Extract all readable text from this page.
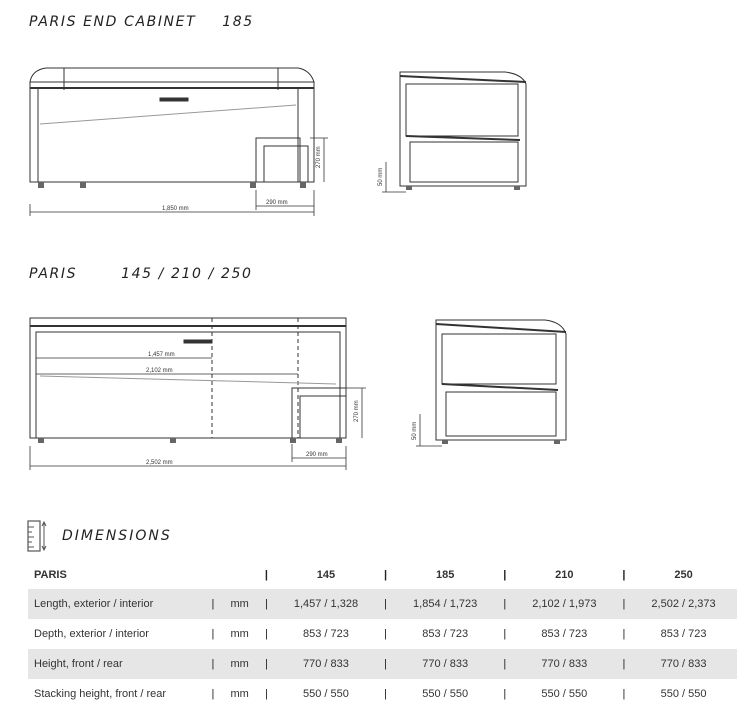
PARIS END CABINET 185
PARIS	145 / 210 / 250
1,850 mm
290 mm
270 mm
50 mm
1,457 mm
2,102 mm
2,502 mm
290 mm
270 mm
50 mm
DIMENSIONS
PARIS			|	145	|	185	|	210	|	250
Length, exterior / interior	|	mm	|	1,457 / 1,328	|	1,854 / 1,723	|	2,102 / 1,973	|	2,502 / 2,373
Depth, exterior / interior	|	mm	|	853 / 723	|	853 / 723	|	853 / 723	|	853 / 723
Height, front / rear	|	mm	|	770 / 833	|	770 / 833	|	770 / 833	|	770 / 833
Stacking height, front / rear	|	mm	|	550 / 550	|	550 / 550	|	550 / 550	|	550 / 550
